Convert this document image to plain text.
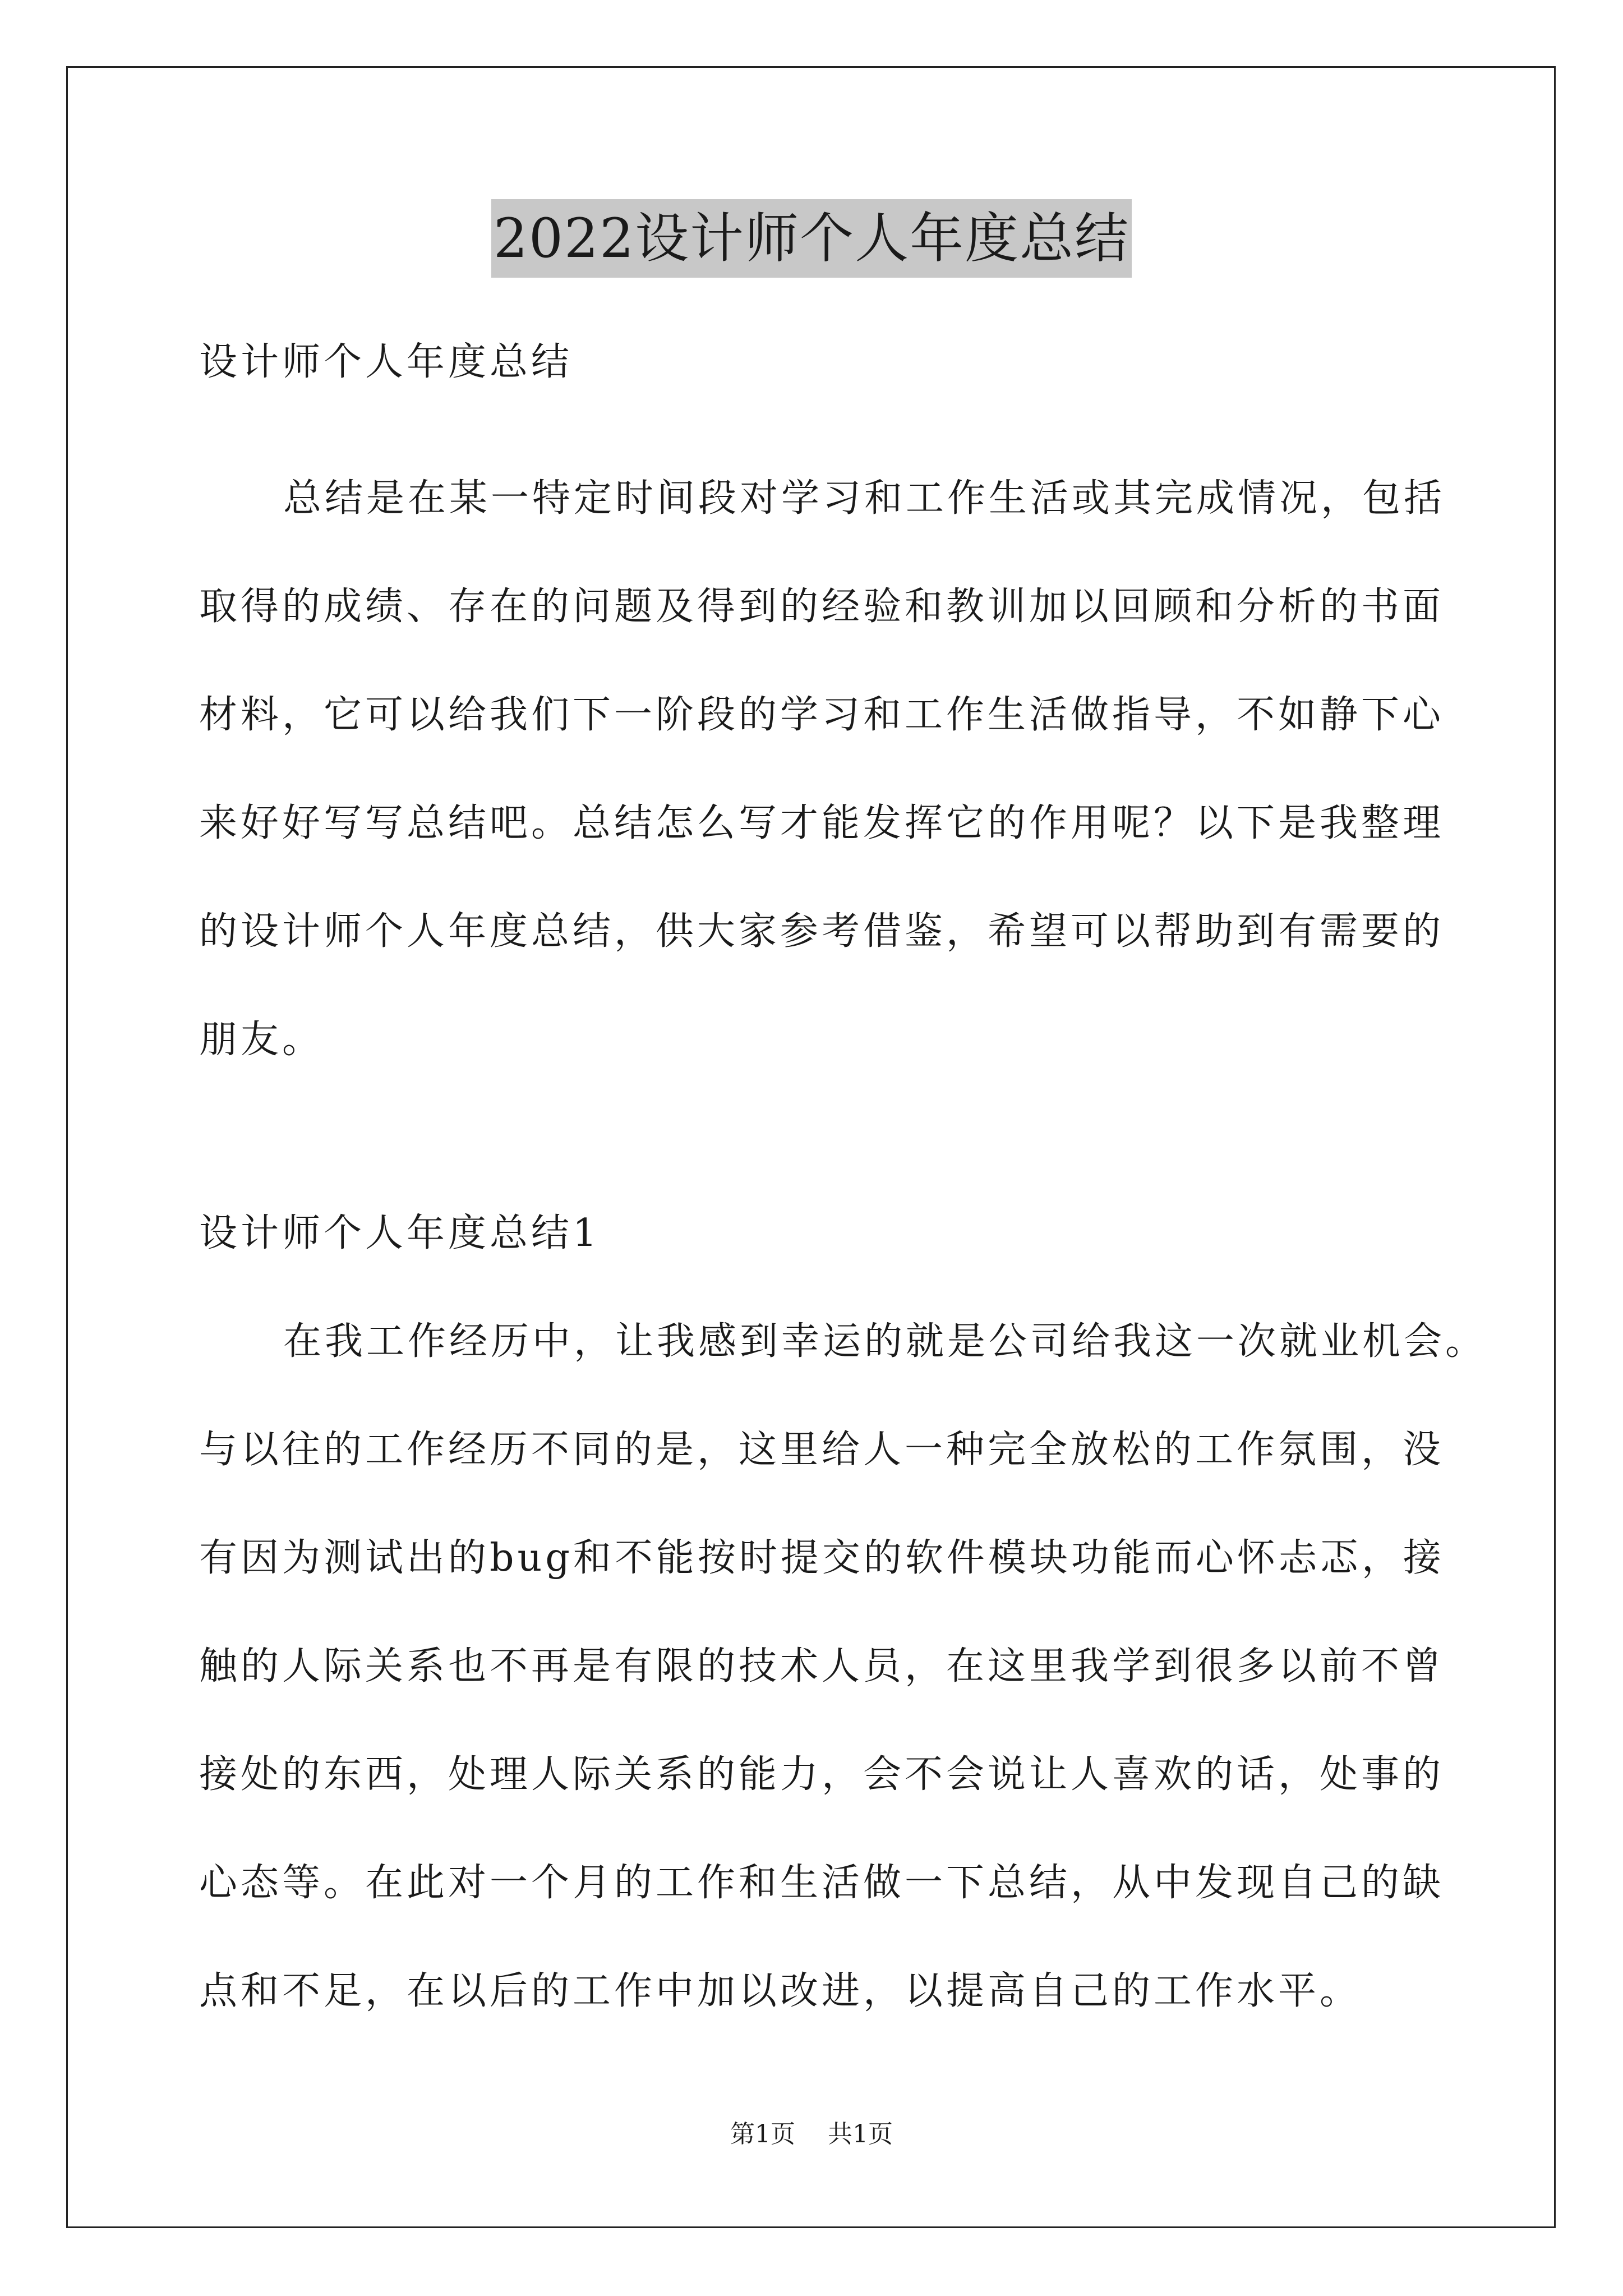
2022设计师个人年度总结
设计师个人年度总结
总结是在某一特定时间段对学习和工作生活或其完成情况，包括
取得的成绩、存在的问题及得到的经验和教训加以回顾和分析的书面
材料，它可以给我们下一阶段的学习和工作生活做指导，不如静下心
来好好写写总结吧。总结怎么写才能发挥它的作用呢？以下是我整理
的设计师个人年度总结，供大家参考借鉴，希望可以帮助到有需要的
朋友。
设计师个人年度总结1
在我工作经历中，让我感到幸运的就是公司给我这一次就业机会。
与以往的工作经历不同的是，这里给人一种完全放松的工作氛围，没
有因为测试出的bug和不能按时提交的软件模块功能而心怀忐忑，接
触的人际关系也不再是有限的技术人员，在这里我学到很多以前不曾
接处的东西，处理人际关系的能力，会不会说让人喜欢的话，处事的
心态等。在此对一个月的工作和生活做一下总结，从中发现自己的缺
点和不足，在以后的工作中加以改进，以提高自己的工作水平。
第1页 共1页
